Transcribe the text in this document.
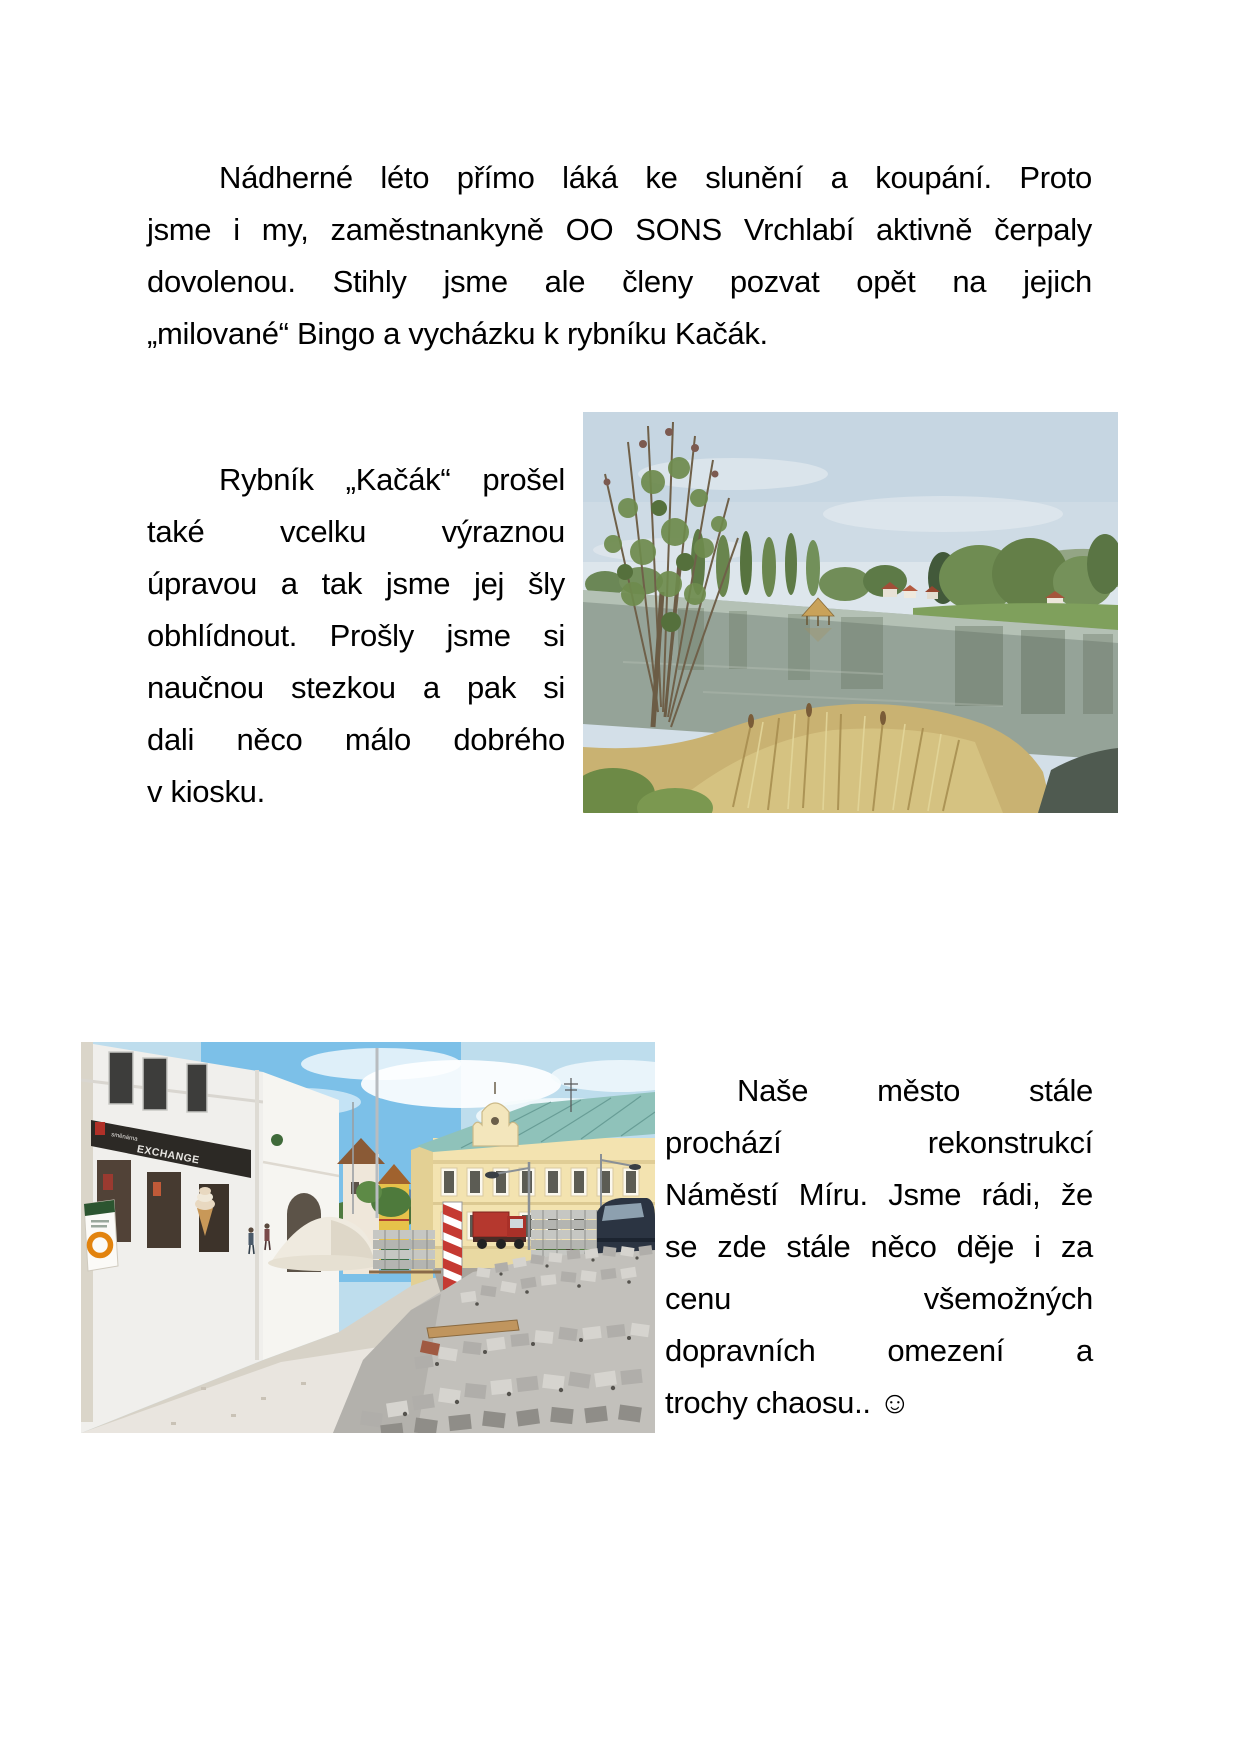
Nádherné léto přímo láká ke slunění a koupání. Proto
jsme i my, zaměstnankyně OO SONS Vrchlabí aktivně čerpaly
dovolenou. Stihly jsme ale členy pozvat opět na jejich
„milované“ Bingo a vycházku k rybníku Kačák.
Rybník „Kačák“ prošel
také vcelku výraznou
úpravou a tak jsme jej šly
obhlídnout. Prošly jsme si
naučnou stezkou a pak si
dali něco málo dobrého
v kiosku.
směnárna
EXCHANGE
Naše město stále
prochází rekonstrukcí
Náměstí Míru. Jsme rádi, že
se zde stále něco děje i za
cenu všemožných
dopravních omezení a
trochy chaosu.. ☺
